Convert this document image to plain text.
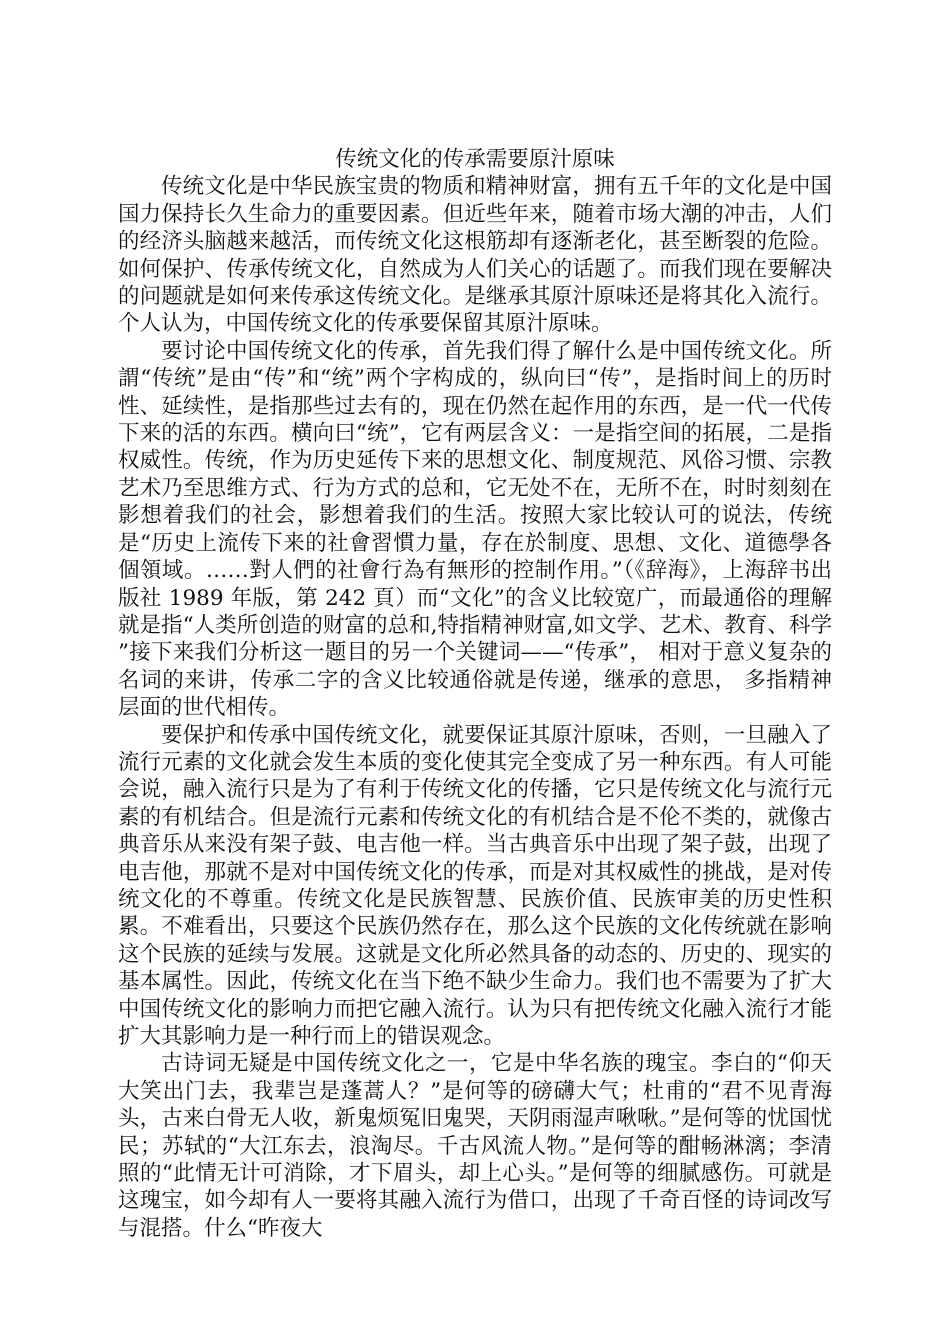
传统文化的传承需要原汁原味

传统文化是中华民族宝贵的物质和精神财富，拥有五千年的文化是中国国力保持长久生命力的重要因素。但近些年来，随着市场大潮的冲击，人们的经济头脑越来越活，而传统文化这根筋却有逐渐老化，甚至断裂的危险。如何保护、传承传统文化，自然成为人们关心的话题了。而我们现在要解决的问题就是如何来传承这传统文化。是继承其原汁原味还是将其化入流行。个人认为，中国传统文化的传承要保留其原汁原味。

要讨论中国传统文化的传承，首先我们得了解什么是中国传统文化。所謂“传统”是由“传”和“统”两个字构成的，纵向曰“传”，是指时间上的历时性、延续性，是指那些过去有的，现在仍然在起作用的东西，是一代一代传下来的活的东西。横向曰“统”，它有两层含义：一是指空间的拓展，二是指权威性。传统，作为历史延传下来的思想文化、制度规范、风俗习惯、宗教艺术乃至思维方式、行为方式的总和，它无处不在，无所不在，时时刻刻在影想着我们的社会，影想着我们的生活。按照大家比较认可的说法，传统是“历史上流传下来的社會習慣力量，存在於制度、思想、文化、道德學各個領域。……對人們的社會行為有無形的控制作用。”（《辞海》，上海辞书出版社 1989 年版，第 242 頁）而“文化”的含义比较宽广，而最通俗的理解就是指“人类所创造的财富的总和,特指精神财富,如文学、艺术、教育、科学 ”接下来我们分析这一题目的另一个关键词——“传承”， 相对于意义复杂的名词的来讲，传承二字的含义比较通俗就是传递，继承的意思， 多指精神层面的世代相传。

要保护和传承中国传统文化，就要保证其原汁原味，否则，一旦融入了流行元素的文化就会发生本质的变化使其完全变成了另一种东西。有人可能会说，融入流行只是为了有利于传统文化的传播，它只是传统文化与流行元素的有机结合。但是流行元素和传统文化的有机结合是不伦不类的，就像古典音乐从来没有架子鼓、电吉他一样。当古典音乐中出现了架子鼓，出现了电吉他，那就不是对中国传统文化的传承，而是对其权威性的挑战，是对传统文化的不尊重。传统文化是民族智慧、民族价值、民族审美的历史性积累。不难看出，只要这个民族仍然存在，那么这个民族的文化传统就在影响这个民族的延续与发展。这就是文化所必然具备的动态的、历史的、现实的基本属性。因此，传统文化在当下绝不缺少生命力。我们也不需要为了扩大中国传统文化的影响力而把它融入流行。认为只有把传统文化融入流行才能扩大其影响力是一种行而上的错误观念。

古诗词无疑是中国传统文化之一，它是中华名族的瑰宝。李白的“仰天大笑出门去，我辈岂是蓬蒿人？”是何等的磅礴大气；杜甫的“君不见青海头，古来白骨无人收，新鬼烦冤旧鬼哭，天阴雨湿声啾啾。”是何等的忧国忧民；苏轼的“大江东去，浪淘尽。千古风流人物。”是何等的酣畅淋漓；李清照的“此情无计可消除，才下眉头，却上心头。”是何等的细腻感伤。可就是这瑰宝，如今却有人一要将其融入流行为借口，出现了千奇百怪的诗词改写与混搭。什么“昨夜大
